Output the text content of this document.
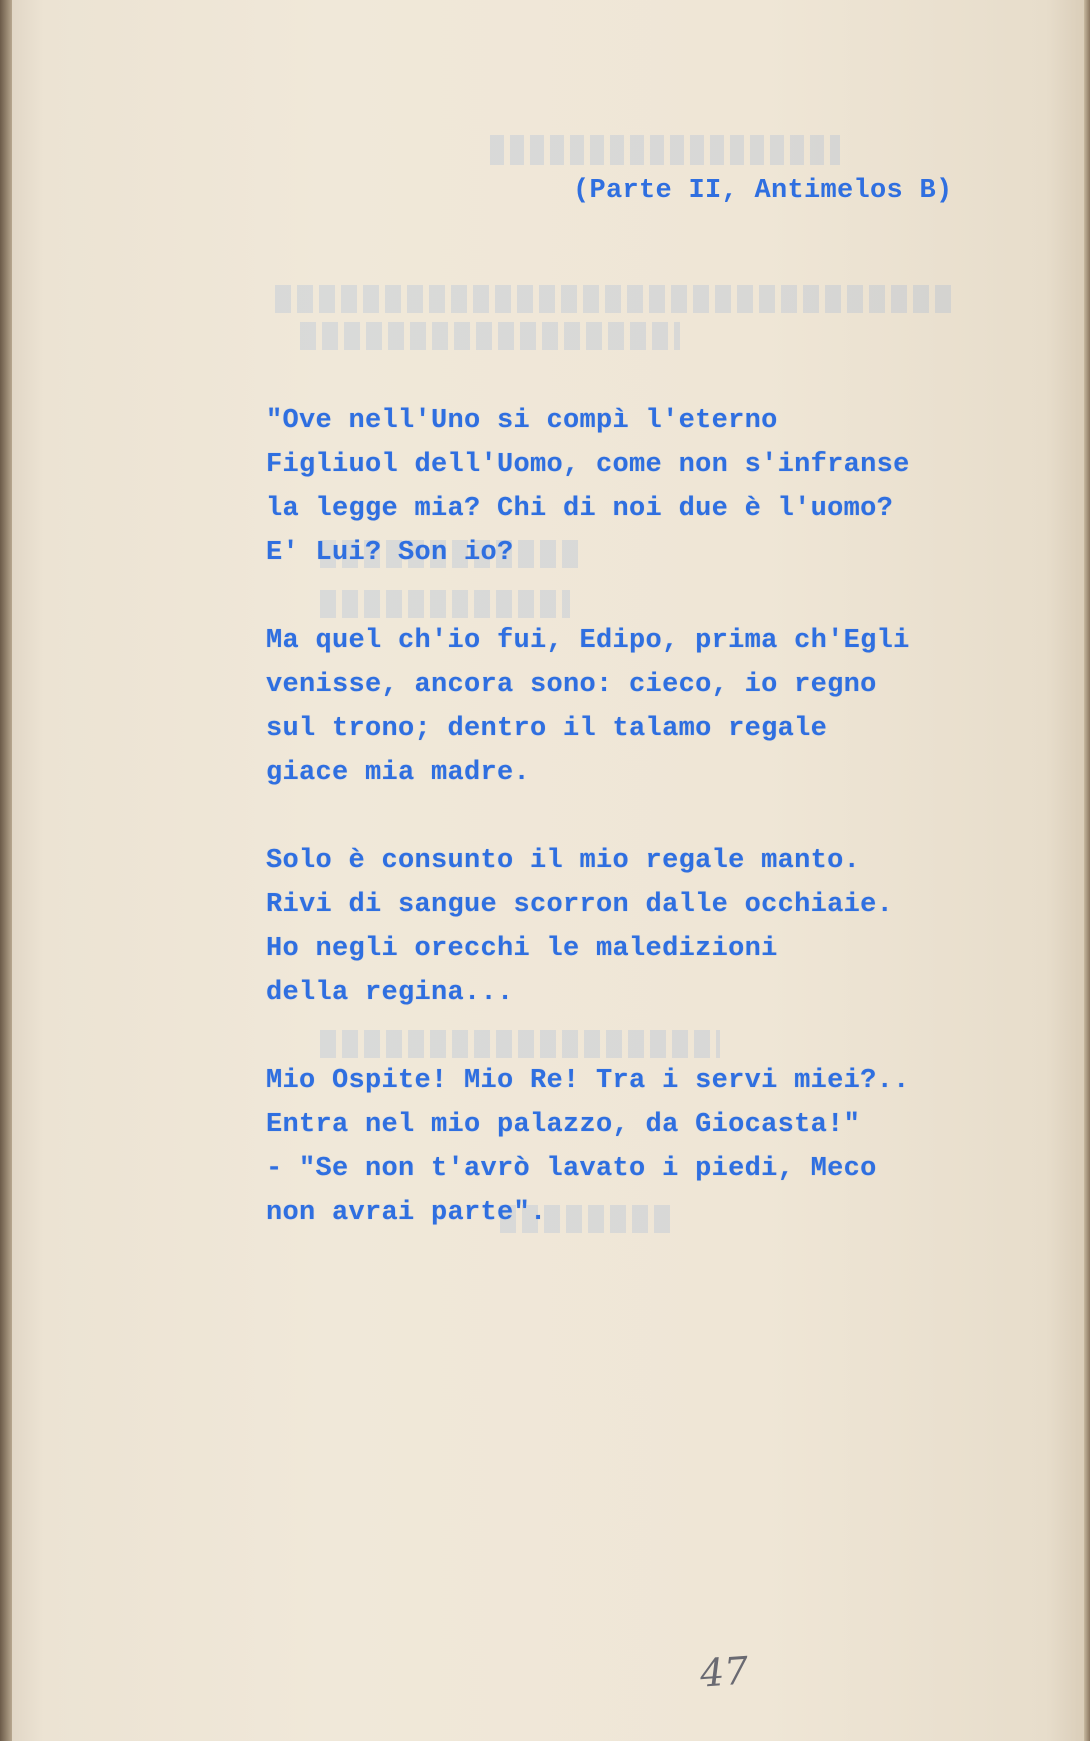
(Parte II, Antimelos B)
"Ove nell'Uno si compì l'eterno
Figliuol dell'Uomo, come non s'infranse
la legge mia? Chi di noi due è l'uomo?
E' Lui? Son io?
Ma quel ch'io fui, Edipo, prima ch'Egli
venisse, ancora sono: cieco, io regno
sul trono; dentro il talamo regale
giace mia madre.
Solo è consunto il mio regale manto.
Rivi di sangue scorron dalle occhiaie.
Ho negli orecchi le maledizioni
della regina...
Mio Ospite! Mio Re! Tra i servi miei?..
Entra nel mio palazzo, da Giocasta!"
- "Se non t'avrò lavato i piedi, Meco
non avrai parte".
47
